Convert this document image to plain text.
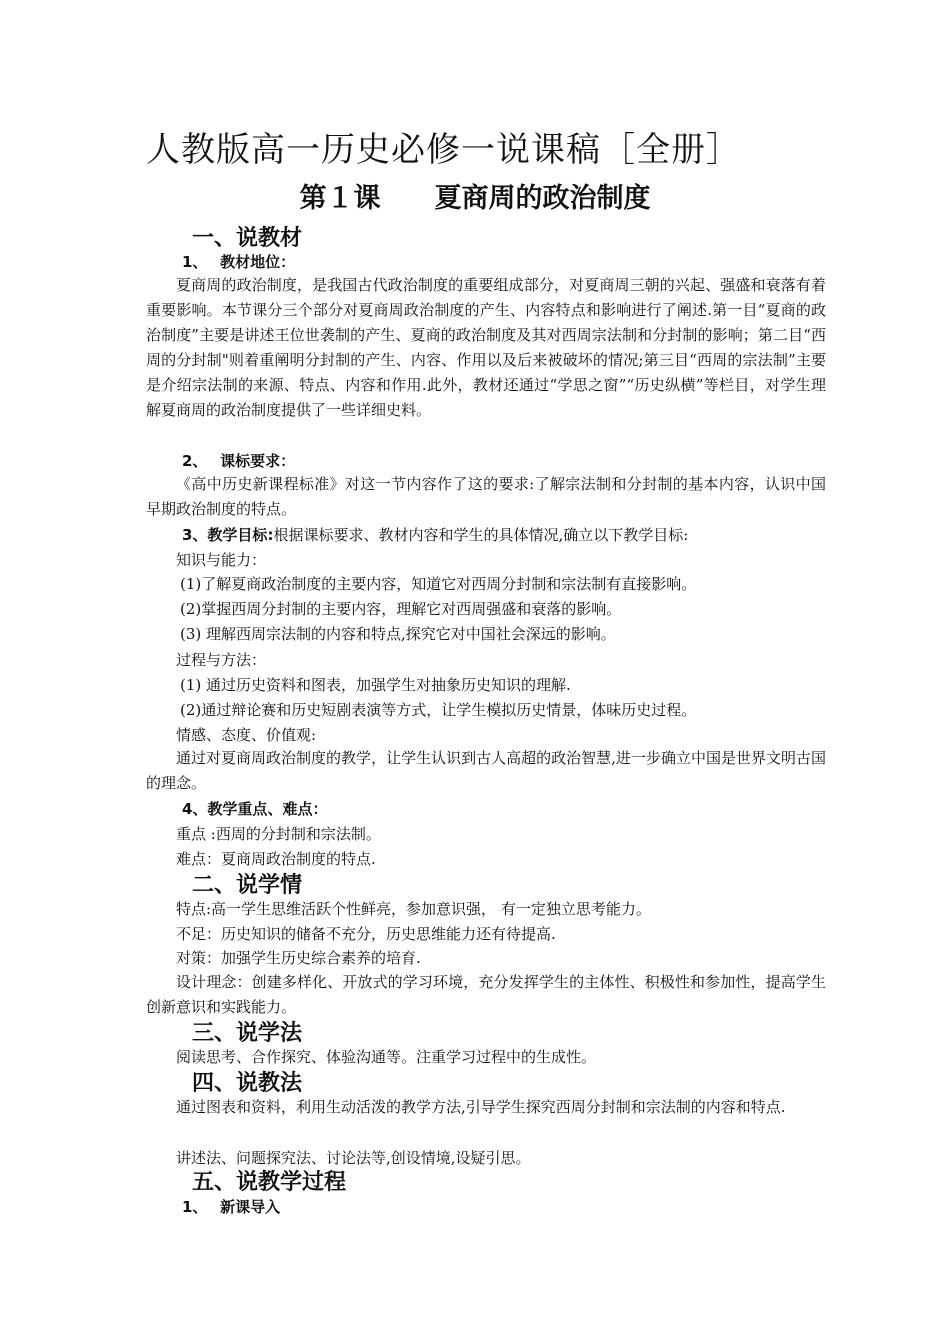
人教版高一历史必修一说课稿［全册］
第１课　　夏商周的政治制度
一、说教材
1、　 教材地位：
夏商周的政治制度，是我国古代政治制度的重要组成部分，对夏商周三朝的兴起、强盛和衰落有着重要影响。本节课分三个部分对夏商周政治制度的产生、内容特点和影响进行了阐述.第一目“夏商的政治制度”主要是讲述王位世袭制的产生、夏商的政治制度及其对西周宗法制和分封制的影响；第二目“西周的分封制"则着重阐明分封制的产生、内容、作用以及后来被破坏的情况;第三目“西周的宗法制”主要是介绍宗法制的来源、特点、内容和作用.此外，教材还通过“学思之窗”“历史纵横”等栏目，对学生理解夏商周的政治制度提供了一些详细史料。
2、　 课标要求：
《高中历史新课程标准》对这一节内容作了这的要求:了解宗法制和分封制的基本内容，认识中国早期政治制度的特点。
3、教学目标:根据课标要求、教材内容和学生的具体情况,确立以下教学目标:
知识与能力：
(1)了解夏商政治制度的主要内容，知道它对西周分封制和宗法制有直接影响。
(2)掌握西周分封制的主要内容，理解它对西周强盛和衰落的影响。
(3) 理解西周宗法制的内容和特点,探究它对中国社会深远的影响。
过程与方法：
(1) 通过历史资料和图表，加强学生对抽象历史知识的理解.
(2)通过辩论赛和历史短剧表演等方式，让学生模拟历史情景，体味历史过程。
情感、态度、价值观:
通过对夏商周政治制度的教学，让学生认识到古人高超的政治智慧,进一步确立中国是世界文明古国的理念。
4、教学重点、难点：
重点 :西周的分封制和宗法制。
难点：夏商周政治制度的特点.
二、说学情
特点:高一学生思维活跃个性鲜亮，参加意识强， 有一定独立思考能力。
不足：历史知识的储备不充分，历史思维能力还有待提高.
对策：加强学生历史综合素养的培育.
设计理念：创建多样化、开放式的学习环境，充分发挥学生的主体性、积极性和参加性，提高学生创新意识和实践能力。
三、说学法
阅读思考、合作探究、体验沟通等。注重学习过程中的生成性。
四、说教法
通过图表和资料，利用生动活泼的教学方法,引导学生探究西周分封制和宗法制的内容和特点.
讲述法、问题探究法、讨论法等,创设情境,设疑引思。
五、说教学过程
1、　 新课导入
